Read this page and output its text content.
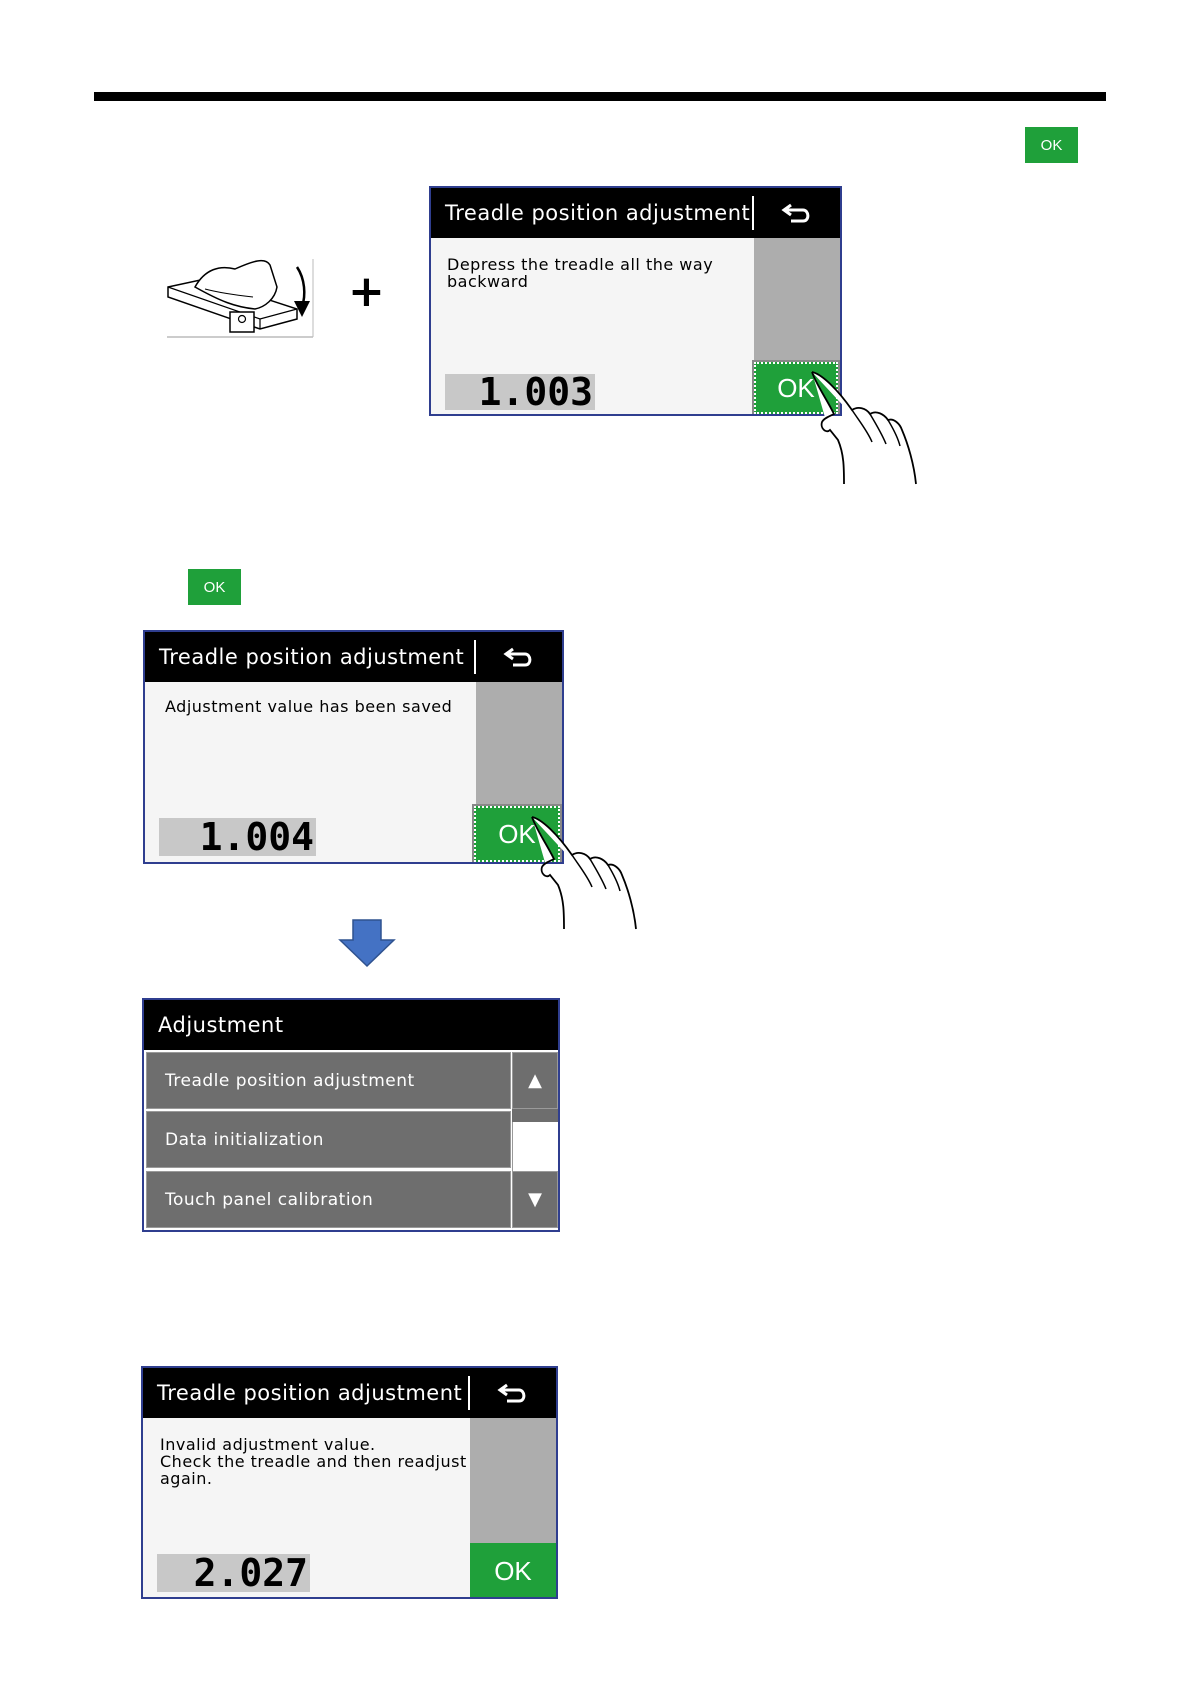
OK
+
Treadle position adjustment
Depress the treadle all the way
backward
1.003	OK
OK
Treadle position adjustment
Adjustment value has been saved
1.004	OK
Adjustment
Treadle position adjustment
Data initialization
Touch panel calibration
▲
▼
Treadle position adjustment
Invalid adjustment value.
Check the treadle and then readjust
again.
2.027	OK
